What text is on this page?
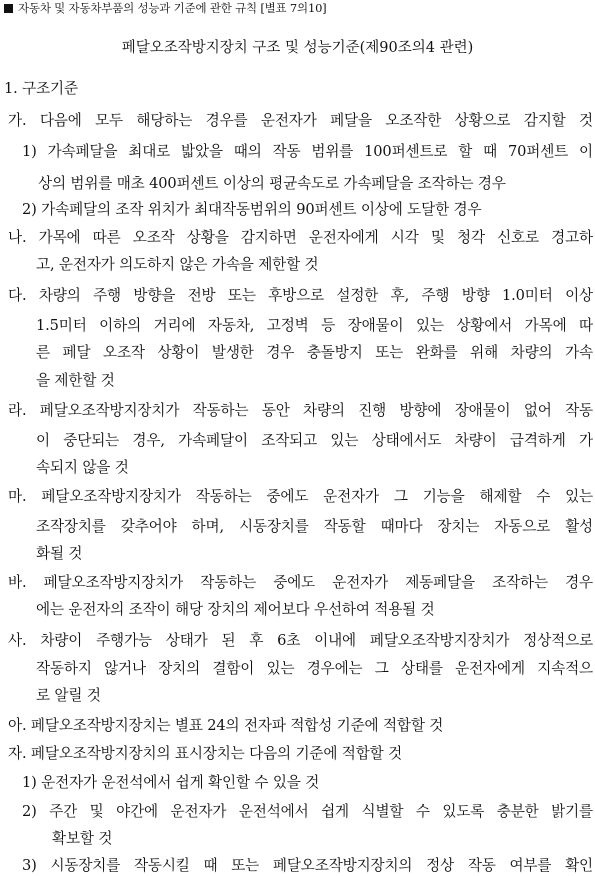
자동차 및 자동차부품의 성능과 기준에 관한 규칙 [별표 7의10]
페달오조작방지장치 구조 및 성능기준(제90조의4 관련)
1. 구조기준
가. 다음에 모두 해당하는 경우를 운전자가 페달을 오조작한 상황으로 감지할 것
1) 가속페달을 최대로 밟았을 때의 작동 범위를 100퍼센트로 할 때 70퍼센트 이
상의 범위를 매초 400퍼센트 이상의 평균속도로 가속페달을 조작하는 경우
2) 가속페달의 조작 위치가 최대작동범위의 90퍼센트 이상에 도달한 경우
나. 가목에 따른 오조작 상황을 감지하면 운전자에게 시각 및 청각 신호로 경고하
고, 운전자가 의도하지 않은 가속을 제한할 것
다. 차량의 주행 방향을 전방 또는 후방으로 설정한 후, 주행 방향 1.0미터 이상
1.5미터 이하의 거리에 자동차, 고정벽 등 장애물이 있는 상황에서 가목에 따
른 페달 오조작 상황이 발생한 경우 충돌방지 또는 완화를 위해 차량의 가속
을 제한할 것
라. 페달오조작방지장치가 작동하는 동안 차량의 진행 방향에 장애물이 없어 작동
이 중단되는 경우, 가속페달이 조작되고 있는 상태에서도 차량이 급격하게 가
속되지 않을 것
마. 페달오조작방지장치가 작동하는 중에도 운전자가 그 기능을 해제할 수 있는
조작장치를 갖추어야 하며, 시동장치를 작동할 때마다 장치는 자동으로 활성
화될 것
바. 페달오조작방지장치가 작동하는 중에도 운전자가 제동페달을 조작하는 경우
에는 운전자의 조작이 해당 장치의 제어보다 우선하여 적용될 것
사. 차량이 주행가능 상태가 된 후 6초 이내에 페달오조작방지장치가 정상적으로
작동하지 않거나 장치의 결함이 있는 경우에는 그 상태를 운전자에게 지속적으
로 알릴 것
아. 페달오조작방지장치는 별표 24의 전자파 적합성 기준에 적합할 것
자. 페달오조작방지장치의 표시장치는 다음의 기준에 적합할 것
1) 운전자가 운전석에서 쉽게 확인할 수 있을 것
2) 주간 및 야간에 운전자가 운전석에서 쉽게 식별할 수 있도록 충분한 밝기를
확보할 것
3) 시동장치를 작동시킬 때 또는 페달오조작방지장치의 정상 작동 여부를 확인
